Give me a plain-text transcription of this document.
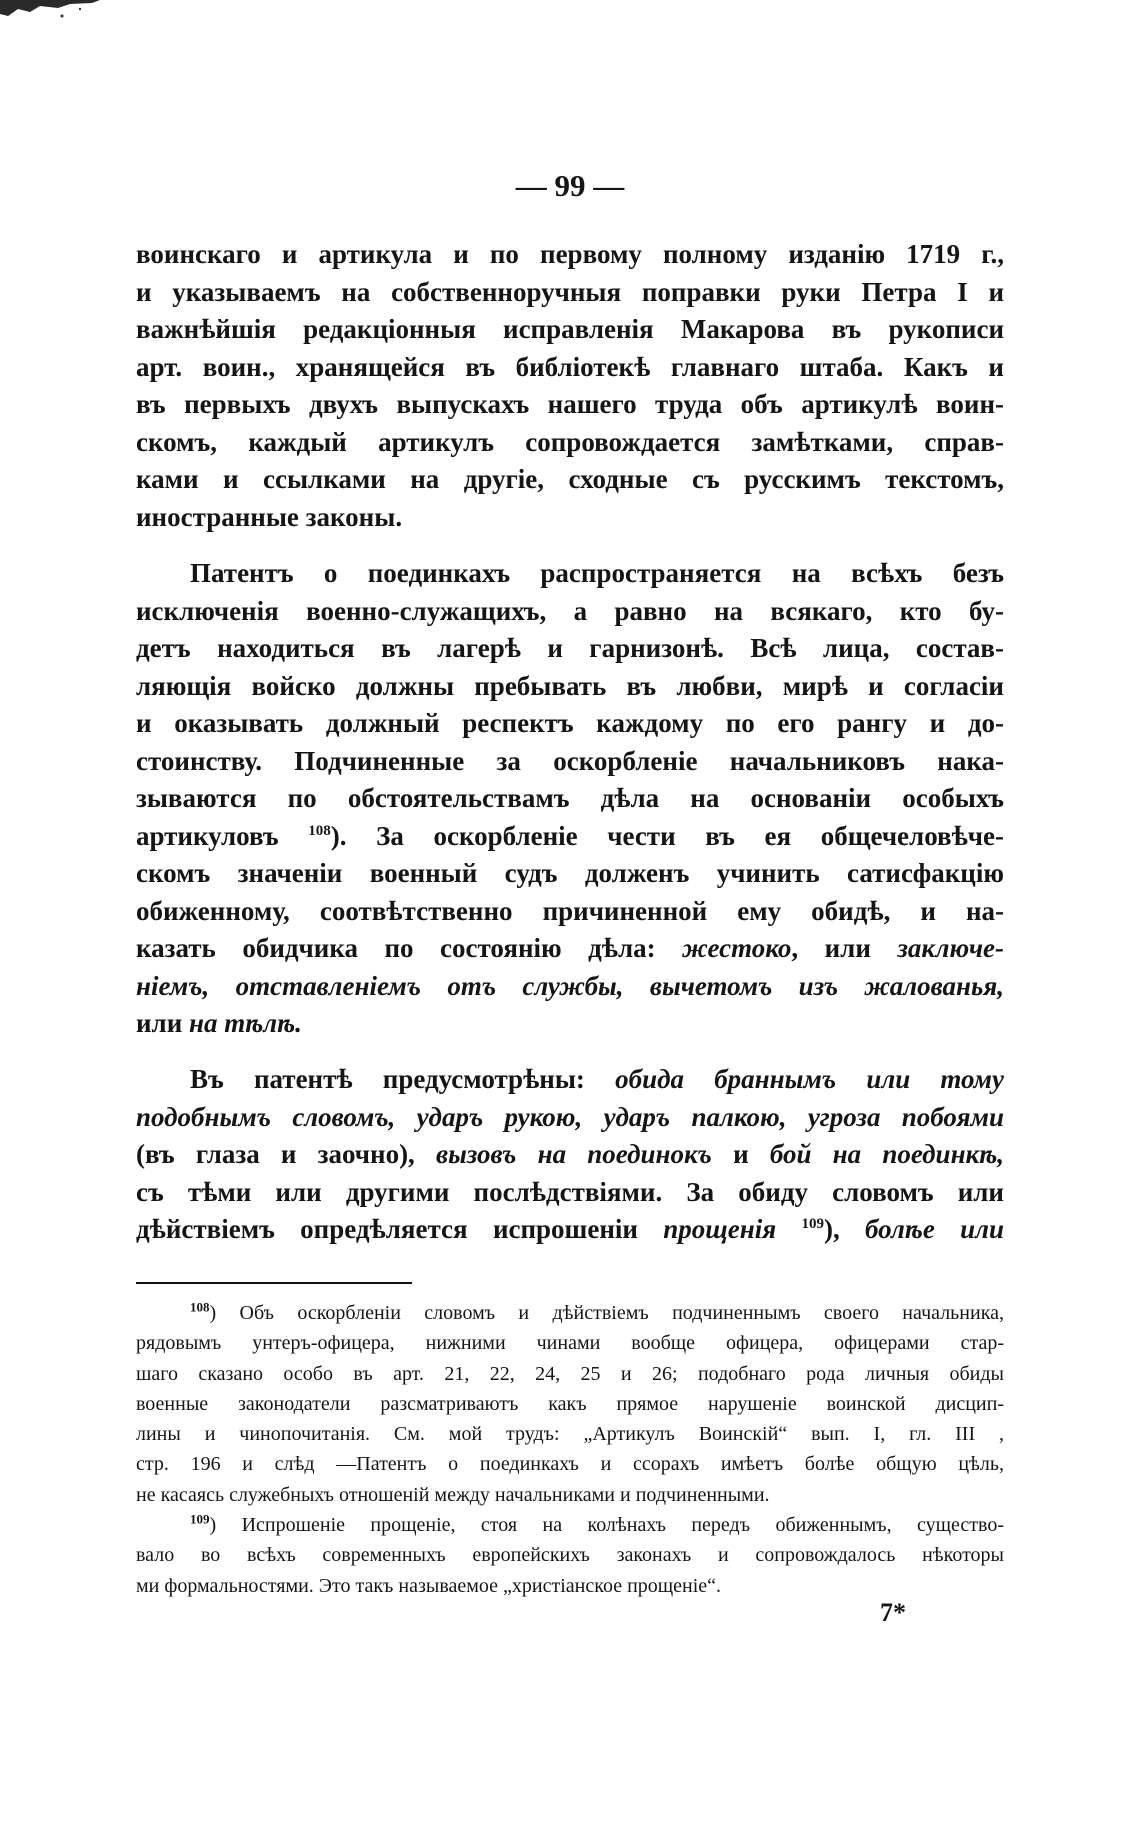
— 99 —

воинскаго и артикула и по первому полному изданію 1719 г.,
и указываемъ на собственноручныя поправки руки Петра I и
важнѣйшія редакціонныя исправленія Макарова въ рукописи
арт. воин., хранящейся въ библіотекѣ главнаго штаба. Какъ и
въ первыхъ двухъ выпускахъ нашего труда объ артикулѣ воин-
скомъ, каждый артикулъ сопровождается замѣтками, справ-
ками и ссылками на другіе, сходные съ русскимъ текстомъ,
иностранные законы.

Патентъ о поединкахъ распространяется на всѣхъ безъ
исключенія военно-служащихъ, а равно на всякаго, кто бу-
детъ находиться въ лагерѣ и гарнизонѣ. Всѣ лица, состав-
ляющія войско должны пребывать въ любви, мирѣ и согласіи
и оказывать должный респектъ каждому по его рангу и до-
стоинству. Подчиненные за оскорбленіе начальниковъ нака-
зываются по обстоятельствамъ дѣла на основаніи особыхъ
артикуловъ $^{108}$). За оскорбленіе чести въ ея общечеловѣче-
скомъ значеніи военный судъ долженъ учинить сатисфакцію
обиженному, соотвѣтственно причиненной ему обидѣ, и на-
казать обидчика по состоянію дѣла: жестоко, или заключе-
ніемъ, отставленіемъ отъ службы, вычетомъ изъ жалованья,
или на тѣлѣ.

Въ патентѣ предусмотрѣны: обида браннымъ или тому
подобнымъ словомъ, ударъ рукою, ударъ палкою, угроза побоями
(въ глаза и заочно), вызовъ на поединокъ и бой на поединкѣ,
съ тѣми или другими послѣдствіями. За обиду словомъ или
дѣйствіемъ опредѣляется испрошеніи прощенія $^{109}$), болѣе или

$^{108}$) Объ оскорбленіи словомъ и дѣйствіемъ подчиненнымъ своего начальника,
рядовымъ унтеръ-офицера, нижними чинами вообще офицера, офицерами стар-
шаго сказано особо въ арт. 21, 22, 24, 25 и 26; подобнаго рода личныя обиды
военные законодатели разсматриваютъ какъ прямое нарушеніе воинской дисцип-
лины и чинопочитанія. См. мой трудъ: „Артикулъ Воинскій“ вып. I, гл. III ,
стр. 196 и слѣд —Патентъ о поединкахъ и ссорахъ имѣетъ болѣе общую цѣль,
не касаясь служебныхъ отношеній между начальниками и подчиненными.
$^{109}$) Испрошеніе прощеніе, стоя на колѣнахъ передъ обиженнымъ, существо-
вало во всѣхъ современныхъ европейскихъ законахъ и сопровождалось нѣкоторы
ми формальностями. Это такъ называемое „христіанское прощеніе“.
7*
